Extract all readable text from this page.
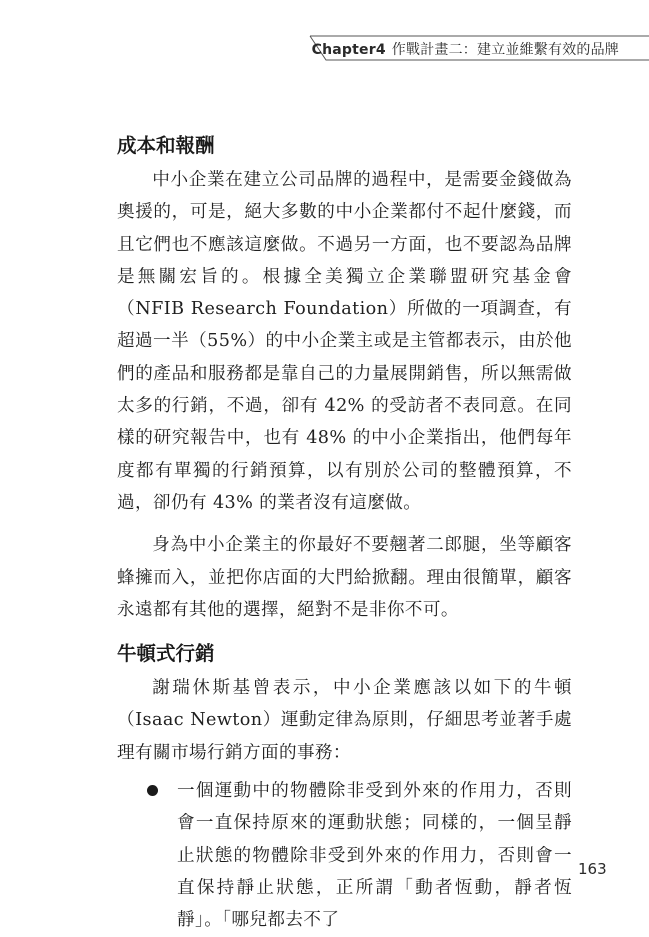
Chapter4 作戰計畫二：建立並維繫有效的品牌
成本和報酬

中小企業在建立公司品牌的過程中，是需要金錢做為奧援的，可是，絕大多數的中小企業都付不起什麼錢，而且它們也不應該這麼做。不過另一方面，也不要認為品牌是無關宏旨的。根據全美獨立企業聯盟研究基金會（NFIB Research Foundation）所做的一項調查，有超過一半（55%）的中小企業主或是主管都表示，由於他們的產品和服務都是靠自己的力量展開銷售，所以無需做太多的行銷，不過，卻有 42% 的受訪者不表同意。在同樣的研究報告中，也有 48% 的中小企業指出，他們每年度都有單獨的行銷預算，以有別於公司的整體預算，不過，卻仍有 43% 的業者沒有這麼做。

身為中小企業主的你最好不要翹著二郎腿，坐等顧客蜂擁而入，並把你店面的大門給掀翻。理由很簡單，顧客永遠都有其他的選擇，絕對不是非你不可。

牛頓式行銷

謝瑞休斯基曾表示，中小企業應該以如下的牛頓（Isaac Newton）運動定律為原則，仔細思考並著手處理有關市場行銷方面的事務：

一個運動中的物體除非受到外來的作用力，否則會一直保持原來的運動狀態；同樣的，一個呈靜止狀態的物體除非受到外來的作用力，否則會一直保持靜止狀態，正所謂「動者恆動，靜者恆靜」。「哪兒都去不了
163
